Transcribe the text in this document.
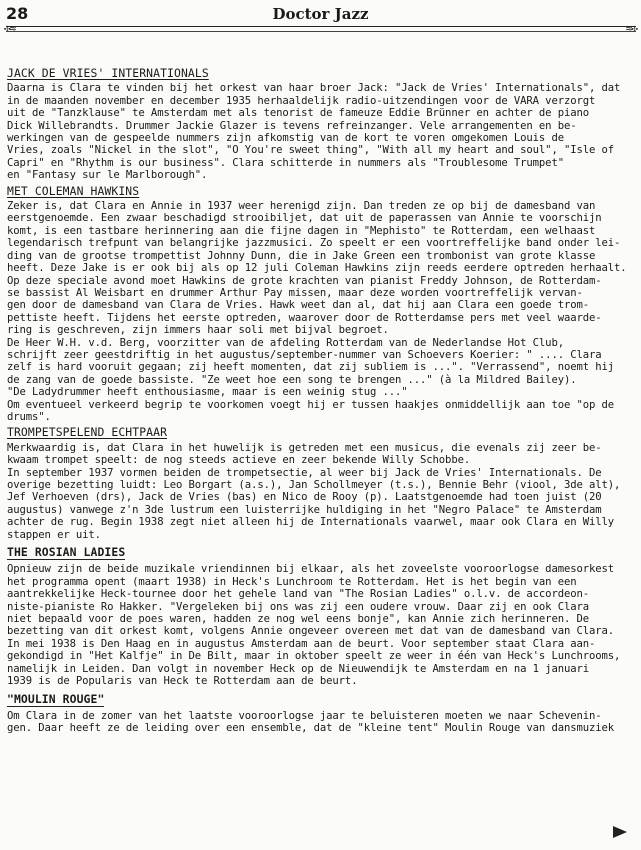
28	Doctor Jazz
✣≈	≈✣
JACK DE VRIES' INTERNATIONALS
Daarna is Clara te vinden bij het orkest van haar broer Jack: "Jack de Vries' Internationals", dat
in de maanden november en december 1935 herhaaldelijk radio-uitzendingen voor de VARA verzorgt
uit de "Tanzklause" te Amsterdam met als tenorist de fameuze Eddie Brünner en achter de piano
Dick Willebrandts. Drummer Jackie Glazer is tevens refreinzanger. Vele arrangementen en be-
werkingen van de gespeelde nummers zijn afkomstig van de kort te voren omgekomen Louis de
Vries, zoals "Nickel in the slot", "O You're sweet thing", "With all my heart and soul", "Isle of
Capri" en "Rhythm is our business". Clara schitterde in nummers als "Troublesome Trumpet"
en "Fantasy sur le Marlborough".
MET COLEMAN HAWKINS
Zeker is, dat Clara en Annie in 1937 weer herenigd zijn. Dan treden ze op bij de damesband van
eerstgenoemde. Een zwaar beschadigd strooibiljet, dat uit de paperassen van Annie te voorschijn
komt, is een tastbare herinnering aan die fijne dagen in "Mephisto" te Rotterdam, een welhaast
legendarisch trefpunt van belangrijke jazzmusici. Zo speelt er een voortreffelijke band onder lei-
ding van de grootse trompettist Johnny Dunn, die in Jake Green een trombonist van grote klasse
heeft. Deze Jake is er ook bij als op 12 juli Coleman Hawkins zijn reeds eerdere optreden herhaalt.
Op deze speciale avond moet Hawkins de grote krachten van pianist Freddy Johnson, de Rotterdam-
se bassist Al Weisbart en drummer Arthur Pay missen, maar deze worden voortreffelijk vervan-
gen door de damesband van Clara de Vries. Hawk weet dan al, dat hij aan Clara een goede trom-
pettiste heeft. Tijdens het eerste optreden, waarover door de Rotterdamse pers met veel waarde-
ring is geschreven, zijn immers haar soli met bijval begroet.
De Heer W.H. v.d. Berg, voorzitter van de afdeling Rotterdam van de Nederlandse Hot Club,
schrijft zeer geestdriftig in het augustus/september-nummer van Schoevers Koerier: " .... Clara
zelf is hard vooruit gegaan; zij heeft momenten, dat zij subliem is ...". "Verrassend", noemt hij
de zang van de goede bassiste. "Ze weet hoe een song te brengen ..." (à la Mildred Bailey).
"De Ladydrummer heeft enthousiasme, maar is een weinig stug ..."
Om eventueel verkeerd begrip te voorkomen voegt hij er tussen haakjes onmiddellijk aan toe "op de
drums".
TROMPETSPELEND ECHTPAAR
Merkwaardig is, dat Clara in het huwelijk is getreden met een musicus, die evenals zij zeer be-
kwaam trompet speelt: de nog steeds actieve en zeer bekende Willy Schobbe.
In september 1937 vormen beiden de trompetsectie, al weer bij Jack de Vries' Internationals. De
overige bezetting luidt: Leo Borgart (a.s.), Jan Schollmeyer (t.s.), Bennie Behr (viool, 3de alt),
Jef Verhoeven (drs), Jack de Vries (bas) en Nico de Rooy (p). Laatstgenoemde had toen juist (20
augustus) vanwege z'n 3de lustrum een luisterrijke huldiging in het "Negro Palace" te Amsterdam
achter de rug. Begin 1938 zegt niet alleen hij de Internationals vaarwel, maar ook Clara en Willy
stappen er uit.
THE ROSIAN LADIES
Opnieuw zijn de beide muzikale vriendinnen bij elkaar, als het zoveelste vooroorlogse damesorkest
het programma opent (maart 1938) in Heck's Lunchroom te Rotterdam. Het is het begin van een
aantrekkelijke Heck-tournee door het gehele land van "The Rosian Ladies" o.l.v. de accordeon-
niste-pianiste Ro Hakker. "Vergeleken bij ons was zij een oudere vrouw. Daar zij en ook Clara
niet bepaald voor de poes waren, hadden ze nog wel eens bonje", kan Annie zich herinneren. De
bezetting van dit orkest komt, volgens Annie ongeveer overeen met dat van de damesband van Clara.
In mei 1938 is Den Haag en in augustus Amsterdam aan de beurt. Voor september staat Clara aan-
gekondigd in "Het Kalfje" in De Bilt, maar in oktober speelt ze weer in één van Heck's Lunchrooms,
namelijk in Leiden. Dan volgt in november Heck op de Nieuwendijk te Amsterdam en na 1 januari
1939 is de Popularis van Heck te Rotterdam aan de beurt.
"MOULIN ROUGE"
Om Clara in de zomer van het laatste vooroorlogse jaar te beluisteren moeten we naar Schevenin-
gen. Daar heeft ze de leiding over een ensemble, dat de "kleine tent" Moulin Rouge van dansmuziek
